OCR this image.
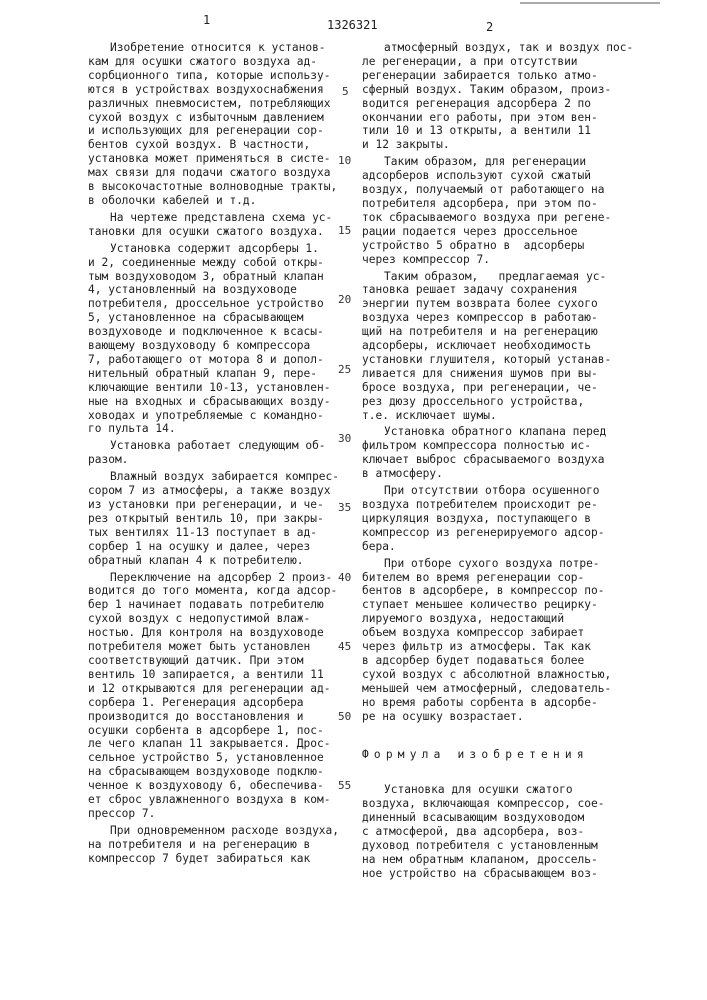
1	1326321	2
5
10
15
20
25
30
35
40
45
50
55
Изобретение относится к установ-
кам для осушки сжатого воздуха ад-
сорбционного типа, которые использу-
ются в устройствах воздухоснабжения
различных пневмосистем, потребляющих
сухой воздух с избыточным давлением
и использующих для регенерации сор-
бентов сухой воздух. В частности,
установка может применяться в систе-
мах связи для подачи сжатого воздуха
в высокочастотные волноводные тракты,
в оболочки кабелей и т.д.
На чертеже представлена схема ус-
тановки для осушки сжатого воздуха.
Установка содержит адсорберы 1.
и 2, соединенные между собой откры-
тым воздуховодом 3, обратный клапан
4, установленный на воздуховоде
потребителя, дроссельное устройство
5, установленное на сбрасывающем
воздуховоде и подключенное к всасы-
вающему воздуховоду 6 компрессора
7, работающего от мотора 8 и допол-
нительный обратный клапан 9, пере-
ключающие вентили 10-13, установлен-
ные на входных и сбрасывающих возду-
ховодах и употребляемые с командно-
го пульта 14.
Установка работает следующим об-
разом.
Влажный воздух забирается компрес-
сором 7 из атмосферы, а также воздух
из установки при регенерации, и че-
рез открытый вентиль 10, при закры-
тых вентилях 11-13 поступает в ад-
сорбер 1 на осушку и далее, через
обратный клапан 4 к потребителю.
Переключение на адсорбер 2 произ-
водится до того момента, когда адсор-
бер 1 начинает подавать потребителю
сухой воздух с недопустимой влаж-
ностью. Для контроля на воздуховоде
потребителя может быть установлен
соответствующий датчик. При этом
вентиль 10 запирается, а вентили 11
и 12 открываются для регенерации ад-
сорбера 1. Регенерация адсорбера
производится до восстановления и
осушки сорбента в адсорбере 1, пос-
ле чего клапан 11 закрывается. Дрос-
сельное устройство 5, установленное
на сбрасывающем воздуховоде подклю-
ченное к воздуховоду 6, обеспечива-
ет сброс увлажненного воздуха в ком-
прессор 7.
При одновременном расходе воздуха,
на потребителя и на регенерацию в
компрессор 7 будет забираться как
атмосферный воздух, так и воздух пос-
ле регенерации, а при отсутствии
регенерации забирается только атмо-
сферный воздух. Таким образом, произ-
водится регенерация адсорбера 2 по
окончании его работы, при этом вен-
тили 10 и 13 открыты, а вентили 11
и 12 закрыты.
Таким образом, для регенерации
адсорберов используют сухой сжатый
воздух, получаемый от работающего на
потребителя адсорбера, при этом по-
ток сбрасываемого воздуха при регене-
рации подается через дроссельное
устройство 5 обратно в  адсорберы
через компрессор 7.
Таким образом,   предлагаемая ус-
тановка решает задачу сохранения
энергии путем возврата более сухого
воздуха через компрессор в работаю-
щий на потребителя и на регенерацию
адсорберы, исключает необходимость
установки глушителя, который устанав-
ливается для снижения шумов при вы-
бросе воздуха, при регенерации, че-
рез дюзу дроссельного устройства,
т.е. исключает шумы.
Установка обратного клапана перед
фильтром компрессора полностью ис-
ключает выброс сбрасываемого воздуха
в атмосферу.
При отсутствии отбора осушенного
воздуха потребителем происходит ре-
циркуляция воздуха, поступающего в
компрессор из регенерируемого адсор-
бера.
При отборе сухого воздуха потре-
бителем во время регенерации сор-
бентов в адсорбере, в компрессор по-
ступает меньшее количество рецирку-
лируемого воздуха, недостающий
объем воздуха компрессор забирает
через фильтр из атмосферы. Так как
в адсорбер будет подаваться более
сухой воздух с абсолютной влажностью,
меньшей чем атмосферный, следователь-
но время работы сорбента в адсорбе-
ре на осушку возрастает.
Формула изобретения
Установка для осушки сжатого
воздуха, включающая компрессор, сое-
диненный всасывающим воздуховодом
с атмосферой, два адсорбера, воз-
духовод потребителя с установленным
на нем обратным клапаном, дроссель-
ное устройство на сбрасывающем воз-
